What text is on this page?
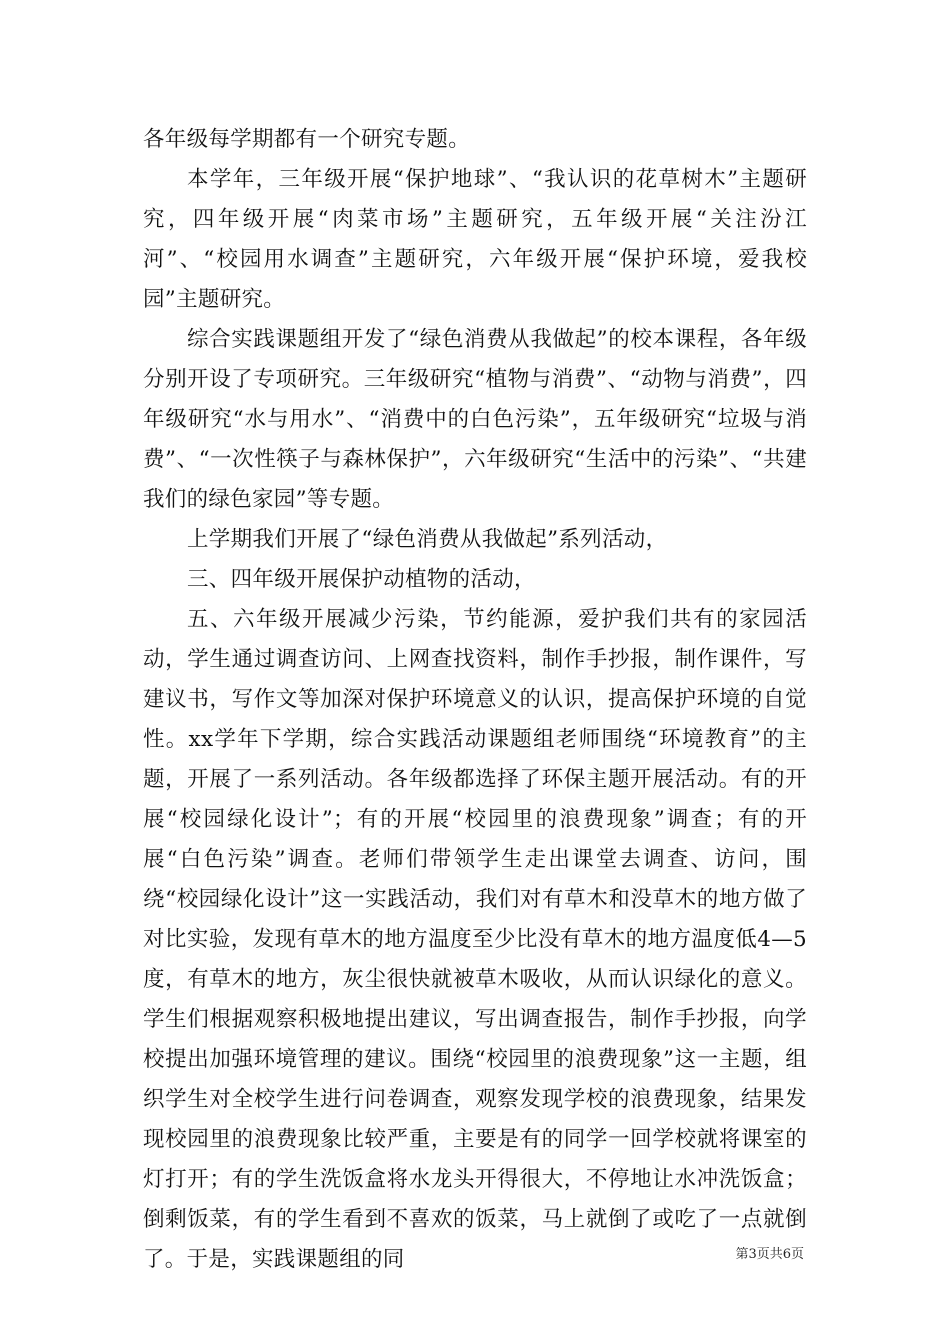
各年级每学期都有一个研究专题。

本学年，三年级开展“保护地球”、“我认识的花草树木”主题研究，四年级开展“肉菜市场”主题研究，五年级开展“关注汾江河”、“校园用水调查”主题研究，六年级开展“保护环境，爱我校园”主题研究。

综合实践课题组开发了“绿色消费从我做起”的校本课程，各年级分别开设了专项研究。三年级研究“植物与消费”、“动物与消费”，四年级研究“水与用水”、“消费中的白色污染”，五年级研究“垃圾与消费”、“一次性筷子与森林保护”，六年级研究“生活中的污染”、“共建我们的绿色家园”等专题。

上学期我们开展了“绿色消费从我做起”系列活动，

三、四年级开展保护动植物的活动，

五、六年级开展减少污染，节约能源，爱护我们共有的家园活动，学生通过调查访问、上网查找资料，制作手抄报，制作课件，写建议书，写作文等加深对保护环境意义的认识，提高保护环境的自觉性。xx学年下学期，综合实践活动课题组老师围绕“环境教育”的主题，开展了一系列活动。各年级都选择了环保主题开展活动。有的开展“校园绿化设计”；有的开展“校园里的浪费现象”调查；有的开展“白色污染”调查。老师们带领学生走出课堂去调查、访问，围绕“校园绿化设计”这一实践活动，我们对有草木和没草木的地方做了对比实验，发现有草木的地方温度至少比没有草木的地方温度低4—5度，有草木的地方，灰尘很快就被草木吸收，从而认识绿化的意义。学生们根据观察积极地提出建议，写出调查报告，制作手抄报，向学校提出加强环境管理的建议。围绕“校园里的浪费现象”这一主题，组织学生对全校学生进行问卷调查，观察发现学校的浪费现象，结果发现校园里的浪费现象比较严重，主要是有的同学一回学校就将课室的灯打开；有的学生洗饭盒将水龙头开得很大，不停地让水冲洗饭盒；倒剩饭菜，有的学生看到不喜欢的饭菜，马上就倒了或吃了一点就倒了。于是，实践课题组的同	第3页共6页
